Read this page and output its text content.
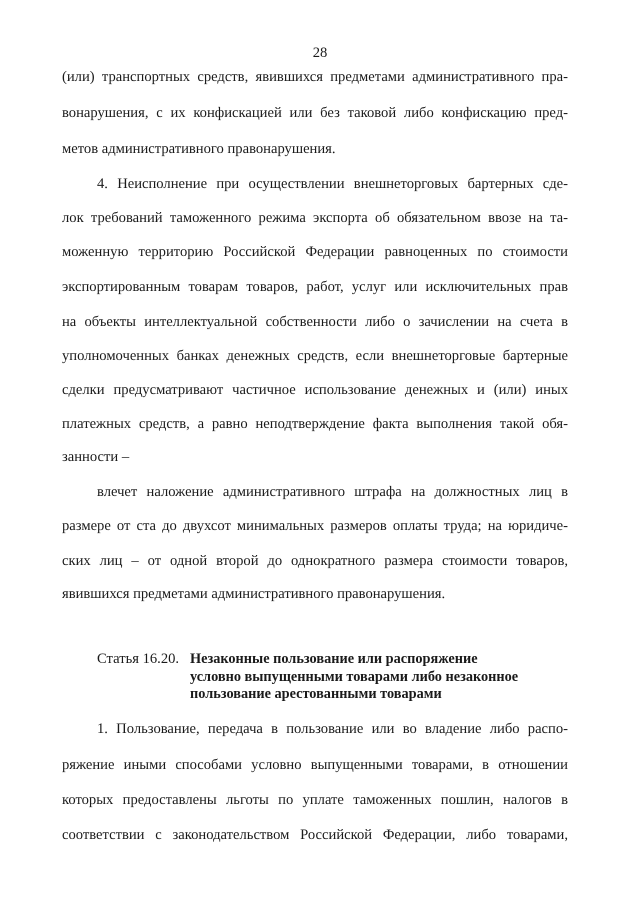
28
(или) транспортных средств, явившихся предметами административного пра-
вонарушения, с их конфискацией или без таковой либо конфискацию пред-
метов административного правонарушения.
4. Неисполнение при осуществлении внешнеторговых бартерных сде-
лок требований таможенного режима экспорта об обязательном ввозе на та-
моженную территорию Российской Федерации равноценных по стоимости
экспортированным товарам товаров, работ, услуг или исключительных прав
на объекты интеллектуальной собственности либо о зачислении на счета в
уполномоченных банках денежных средств, если внешнеторговые бартерные
сделки предусматривают частичное использование денежных и (или) иных
платежных средств, а равно неподтверждение факта выполнения такой обя-
занности –
влечет наложение административного штрафа на должностных лиц в
размере от ста до двухсот минимальных размеров оплаты труда; на юридиче-
ских лиц – от одной второй до однократного размера стоимости товаров,
явившихся предметами административного правонарушения.
Статья 16.20. Незаконные пользование или распоряжение
условно выпущенными товарами либо незаконное
пользование арестованными товарами
1. Пользование, передача в пользование или во владение либо распо-
ряжение иными способами условно выпущенными товарами, в отношении
которых предоставлены льготы по уплате таможенных пошлин, налогов в
соответствии с законодательством Российской Федерации, либо товарами,
